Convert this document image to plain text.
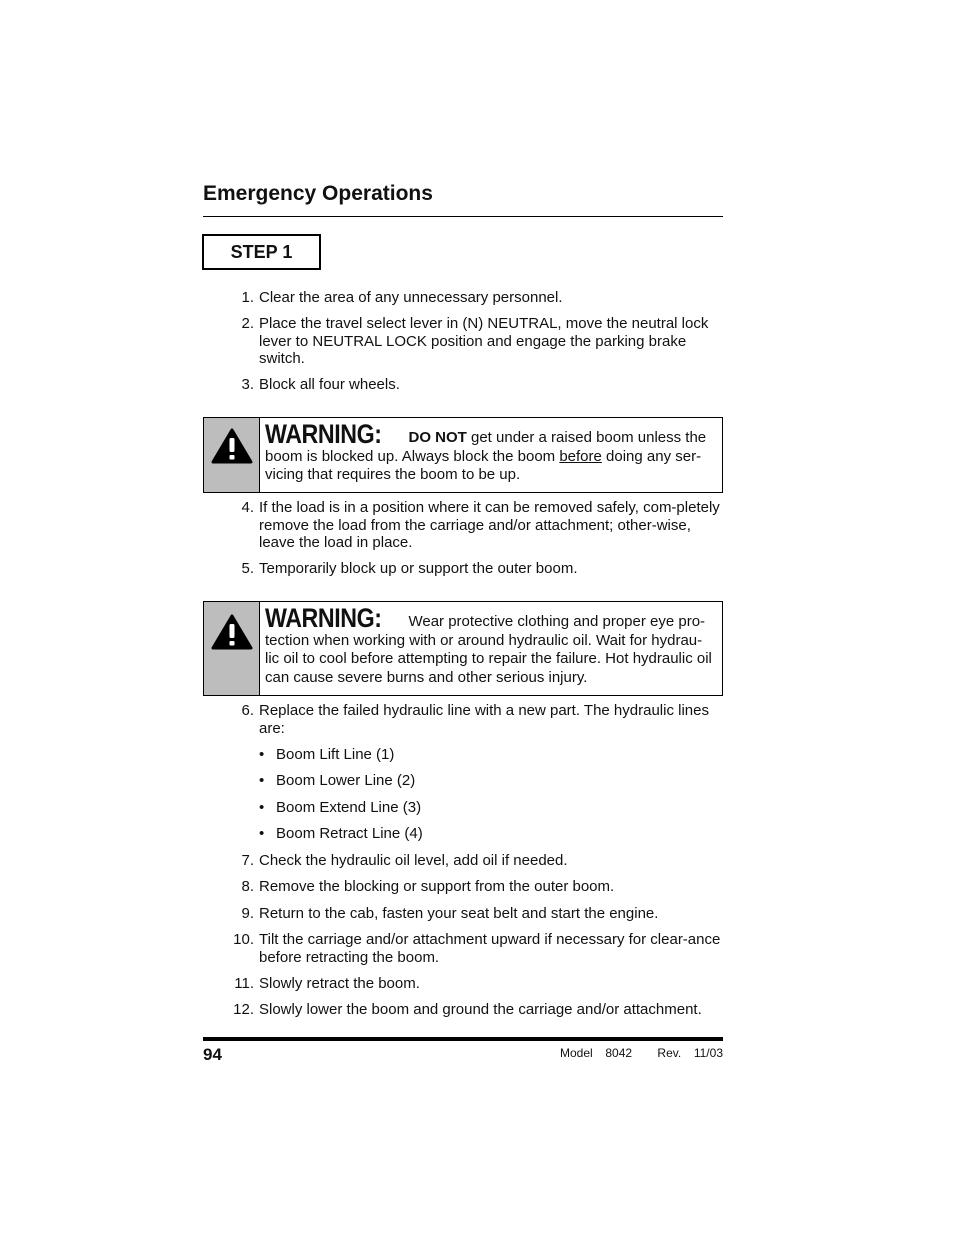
Emergency Operations
STEP 1
1. Clear the area of any unnecessary personnel.
2. Place the travel select lever in (N) NEUTRAL, move the neutral lock lever to NEUTRAL LOCK position and engage the parking brake switch.
3. Block all four wheels.
WARNING: DO NOT get under a raised boom unless the boom is blocked up. Always block the boom before doing any ser-vicing that requires the boom to be up.
4. If the load is in a position where it can be removed safely, com-pletely remove the load from the carriage and/or attachment; other-wise, leave the load in place.
5. Temporarily block up or support the outer boom.
WARNING: Wear protective clothing and proper eye pro-tection when working with or around hydraulic oil. Wait for hydrau-lic oil to cool before attempting to repair the failure. Hot hydraulic oil can cause severe burns and other serious injury.
6. Replace the failed hydraulic line with a new part. The hydraulic lines are:
• Boom Lift Line (1)
• Boom Lower Line (2)
• Boom Extend Line (3)
• Boom Retract Line (4)
7. Check the hydraulic oil level, add oil if needed.
8. Remove the blocking or support from the outer boom.
9. Return to the cab, fasten your seat belt and start the engine.
10. Tilt the carriage and/or attachment upward if necessary for clear-ance before retracting the boom.
11. Slowly retract the boom.
12. Slowly lower the boom and ground the carriage and/or attachment.
94	Model  8042    Rev.  11/03
